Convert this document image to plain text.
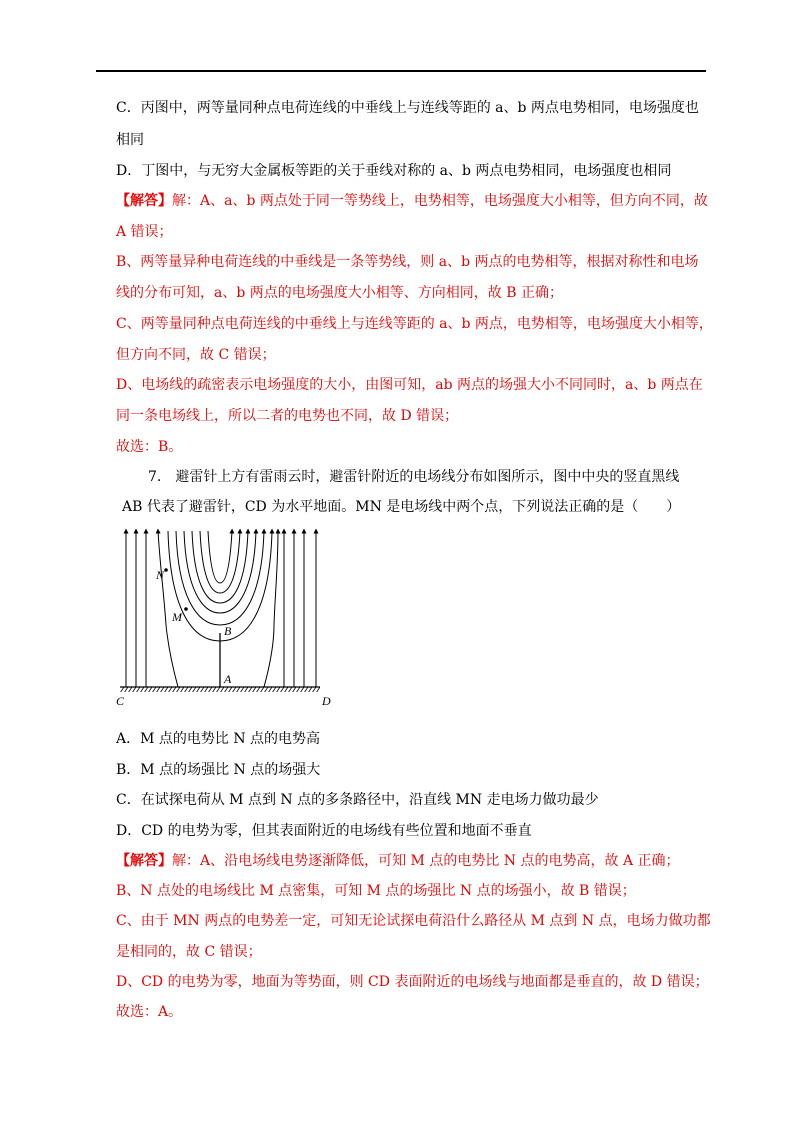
C．丙图中，两等量同种点电荷连线的中垂线上与连线等距的 a、b 两点电势相同，电场强度也
相同
D．丁图中，与无穷大金属板等距的关于垂线对称的 a、b 两点电势相同，电场强度也相同
【解答】解：A、a、b 两点处于同一等势线上，电势相等，电场强度大小相等，但方向不同，故
A 错误；
B、两等量异种电荷连线的中垂线是一条等势线，则 a、b 两点的电势相等，根据对称性和电场
线的分布可知，a、b 两点的电场强度大小相等、方向相同，故 B 正确；
C、两等量同种点电荷连线的中垂线上与连线等距的 a、b 两点，电势相等，电场强度大小相等，
但方向不同，故 C 错误；
D、电场线的疏密表示电场强度的大小，由图可知，ab 两点的场强大小不同同时，a、b 两点在
同一条电场线上，所以二者的电势也不同，故 D 错误；
故选：B。
7.　避雷针上方有雷雨云时，避雷针附近的电场线分布如图所示，图中中央的竖直黑线
AB 代表了避雷针，CD 为水平地面。MN 是电场线中两个点，下列说法正确的是（　　）
N
M
B
A
C	D
A．M 点的电势比 N 点的电势高
B．M 点的场强比 N 点的场强大
C．在试探电荷从 M 点到 N 点的多条路径中，沿直线 MN 走电场力做功最少
D．CD 的电势为零，但其表面附近的电场线有些位置和地面不垂直
【解答】解：A、沿电场线电势逐渐降低，可知 M 点的电势比 N 点的电势高，故 A 正确；
B、N 点处的电场线比 M 点密集，可知 M 点的场强比 N 点的场强小，故 B 错误；
C、由于 MN 两点的电势差一定，可知无论试探电荷沿什么路径从 M 点到 N 点，电场力做功都
是相同的，故 C 错误；
D、CD 的电势为零，地面为等势面，则 CD 表面附近的电场线与地面都是垂直的，故 D 错误；
故选：A。
